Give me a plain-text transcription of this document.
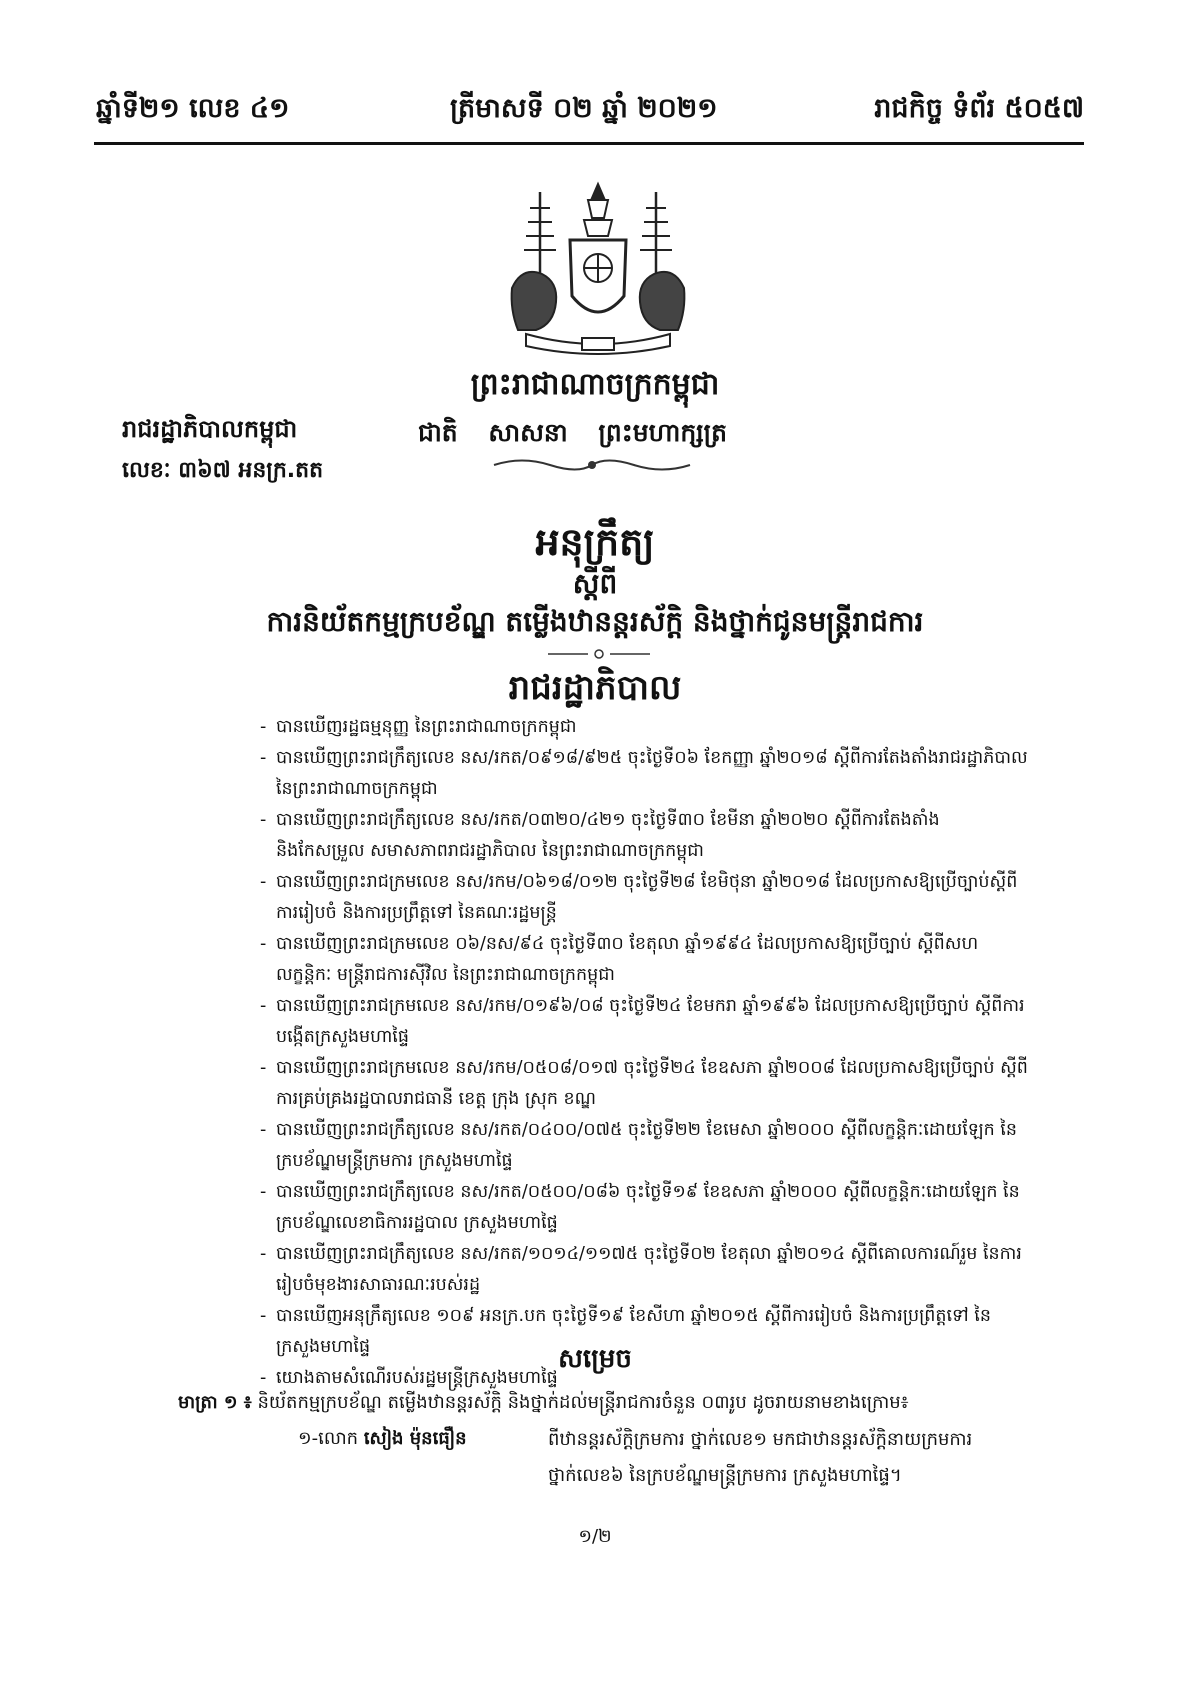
ឆ្នាំទី២១ លេខ ៤១	ត្រីមាសទី ០២ ឆ្នាំ ២០២១	រាជកិច្ច ទំព័រ ៥០៥៧
ព្រះរាជាណាចក្រកម្ពុជា
រាជរដ្ឋាភិបាលកម្ពុជា	ជាតិ សាសនា ព្រះមហាក្សត្រ
លេខៈ ៣៦៧ អនក្រ.តត
អនុក្រឹត្យ
ស្តីពី
ការនិយ័តកម្មក្របខ័ណ្ឌ តម្លើងឋានន្តរស័ក្តិ និងថ្នាក់ជូនមន្ត្រីរាជការ
រាជរដ្ឋាភិបាល
- បានឃើញរដ្ឋធម្មនុញ្ញ នៃព្រះរាជាណាចក្រកម្ពុជា
- បានឃើញព្រះរាជក្រឹត្យលេខ នស/រកត/០៩១៨/៩២៥ ចុះថ្ងៃទី០៦ ខែកញ្ញា ឆ្នាំ២០១៨ ស្តីពីការតែងតាំងរាជរដ្ឋាភិបាល នៃព្រះរាជាណាចក្រកម្ពុជា
- បានឃើញព្រះរាជក្រឹត្យលេខ នស/រកត/០៣២០/៤២១ ចុះថ្ងៃទី៣០ ខែមីនា ឆ្នាំ២០២០ ស្តីពីការតែងតាំង និងកែសម្រួល សមាសភាពរាជរដ្ឋាភិបាល នៃព្រះរាជាណាចក្រកម្ពុជា
- បានឃើញព្រះរាជក្រមលេខ នស/រកម/០៦១៨/០១២ ចុះថ្ងៃទី២៨ ខែមិថុនា ឆ្នាំ២០១៨ ដែលប្រកាសឱ្យប្រើច្បាប់ស្តីពី ការរៀបចំ និងការប្រព្រឹត្តទៅ នៃគណៈរដ្ឋមន្ត្រី
- បានឃើញព្រះរាជក្រមលេខ ០៦/នស/៩៤ ចុះថ្ងៃទី៣០ ខែតុលា ឆ្នាំ១៩៩៤ ដែលប្រកាសឱ្យប្រើច្បាប់ ស្តីពីសហលក្ខន្តិកៈ មន្ត្រីរាជការស៊ីវិល នៃព្រះរាជាណាចក្រកម្ពុជា
- បានឃើញព្រះរាជក្រមលេខ នស/រកម/០១៩៦/០៨ ចុះថ្ងៃទី២៤ ខែមករា ឆ្នាំ១៩៩៦ ដែលប្រកាសឱ្យប្រើច្បាប់ ស្តីពីការបង្កើតក្រសួងមហាផ្ទៃ
- បានឃើញព្រះរាជក្រមលេខ នស/រកម/០៥០៨/០១៧ ចុះថ្ងៃទី២៤ ខែឧសភា ឆ្នាំ២០០៨ ដែលប្រកាសឱ្យប្រើច្បាប់ ស្តីពីការគ្រប់គ្រងរដ្ឋបាលរាជធានី ខេត្ត ក្រុង ស្រុក ខណ្ឌ
- បានឃើញព្រះរាជក្រឹត្យលេខ នស/រកត/០៤០០/០៧៥ ចុះថ្ងៃទី២២ ខែមេសា ឆ្នាំ២០០០ ស្តីពីលក្ខន្តិកៈដោយឡែក នៃក្របខ័ណ្ឌមន្ត្រីក្រមការ ក្រសួងមហាផ្ទៃ
- បានឃើញព្រះរាជក្រឹត្យលេខ នស/រកត/០៥០០/០៨៦ ចុះថ្ងៃទី១៩ ខែឧសភា ឆ្នាំ២០០០ ស្តីពីលក្ខន្តិកៈដោយឡែក នៃក្របខ័ណ្ឌលេខាធិការរដ្ឋបាល ក្រសួងមហាផ្ទៃ
- បានឃើញព្រះរាជក្រឹត្យលេខ នស/រកត/១០១៤/១១៧៥ ចុះថ្ងៃទី០២ ខែតុលា ឆ្នាំ២០១៤ ស្តីពីគោលការណ៍រួម នៃការ រៀបចំមុខងារសាធារណៈរបស់រដ្ឋ
- បានឃើញអនុក្រឹត្យលេខ ១០៩ អនក្រ.បក ចុះថ្ងៃទី១៩ ខែសីហា ឆ្នាំ២០១៥ ស្តីពីការរៀបចំ និងការប្រព្រឹត្តទៅ នៃ ក្រសួងមហាផ្ទៃ
- យោងតាមសំណើរបស់រដ្ឋមន្ត្រីក្រសួងមហាផ្ទៃ
សម្រេច
មាត្រា ១ ៖ និយ័តកម្មក្របខ័ណ្ឌ តម្លើងឋានន្តរស័ក្តិ និងថ្នាក់ដល់មន្ត្រីរាជការចំនួន ០៣រូប ដូចរាយនាមខាងក្រោម៖
១-លោក សៀង ម៉ុនធឿន	ពីឋានន្តរស័ក្តិក្រមការ ថ្នាក់លេខ១ មកជាឋានន្តរស័ក្តិនាយក្រមការ ថ្នាក់លេខ៦ នៃក្របខ័ណ្ឌមន្ត្រីក្រមការ ក្រសួងមហាផ្ទៃ។
១/២
